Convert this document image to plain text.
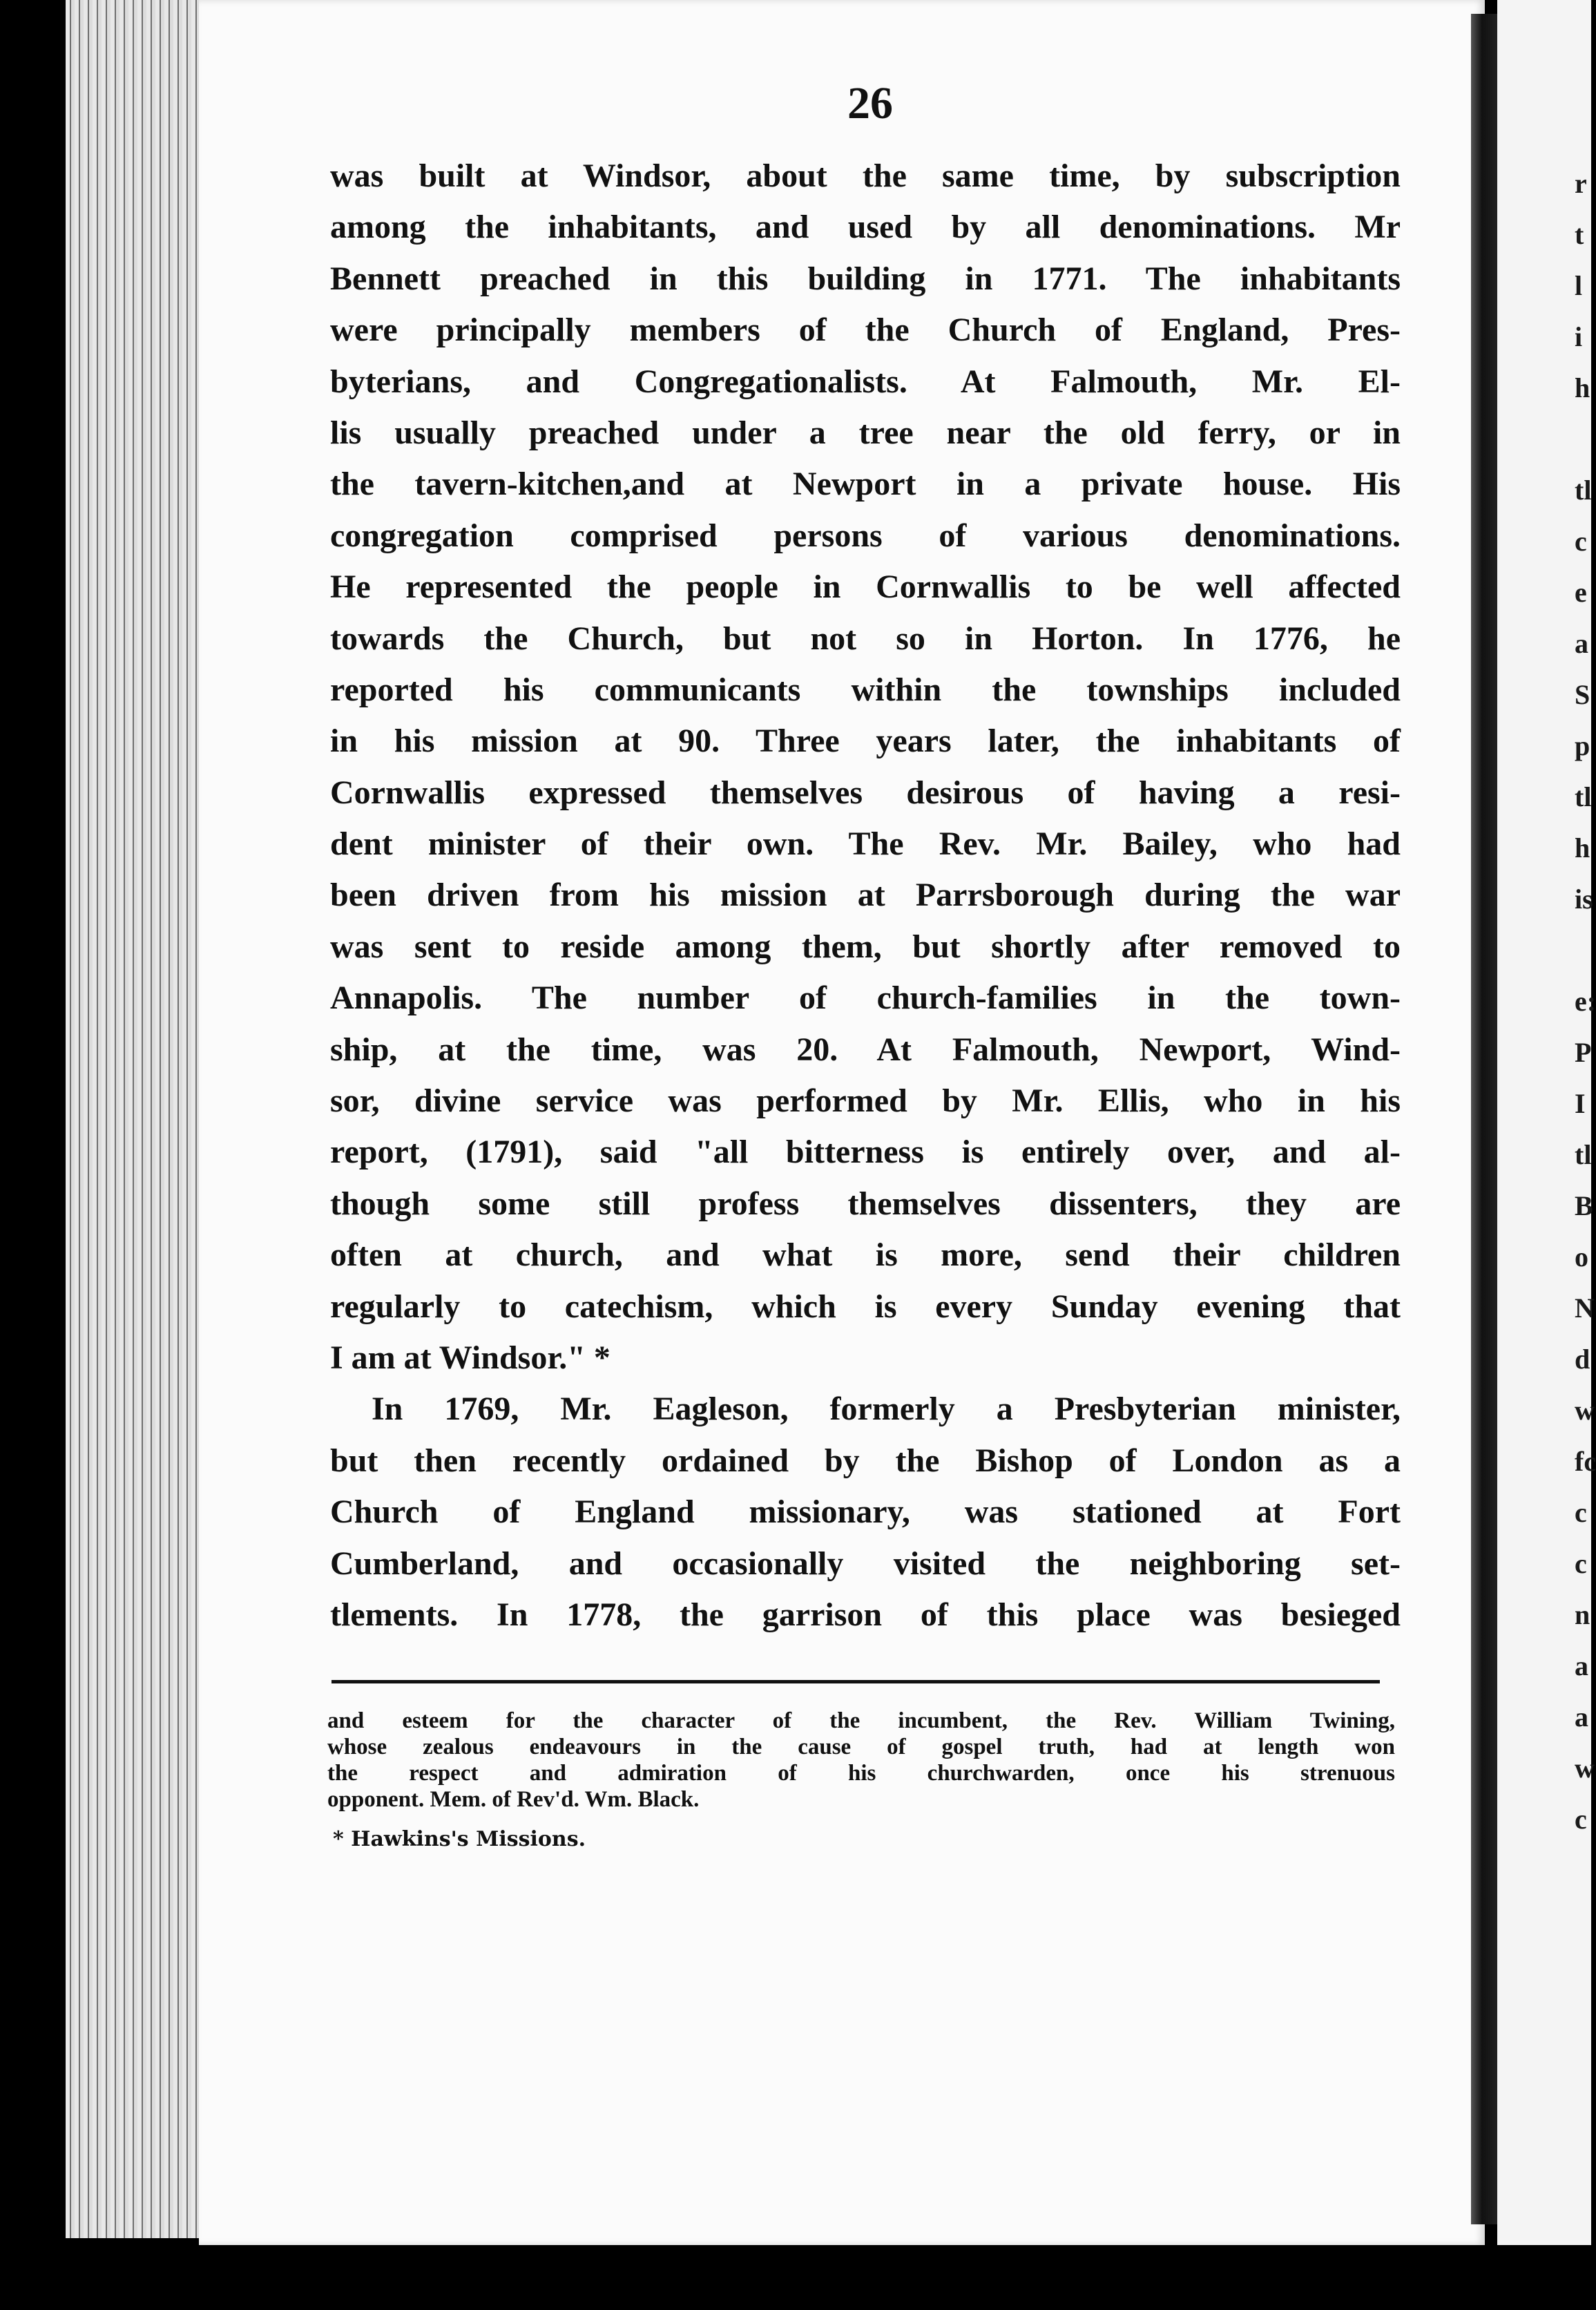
26
was built at Windsor, about the same time, by subscription
among the inhabitants, and used by all denominations. Mr
Bennett preached in this building in 1771. The inhabitants
were principally members of the Church of England, Pres-
byterians, and Congregationalists. At Falmouth, Mr. El-
lis usually preached under a tree near the old ferry, or in
the tavern-kitchen,and at Newport in a private house. His
congregation comprised persons of various denominations.
He represented the people in Cornwallis to be well affected
towards the Church, but not so in Horton. In 1776, he
reported his communicants within the townships included
in his mission at 90. Three years later, the inhabitants of
Cornwallis expressed themselves desirous of having a resi-
dent minister of their own. The Rev. Mr. Bailey, who had
been driven from his mission at Parrsborough during the war
was sent to reside among them, but shortly after removed to
Annapolis. The number of church-families in the town-
ship, at the time, was 20. At Falmouth, Newport, Wind-
sor, divine service was performed by Mr. Ellis, who in his
report, (1791), said "all bitterness is entirely over, and al-
though some still profess themselves dissenters, they are
often at church, and what is more, send their children
regularly to catechism, which is every Sunday evening that
I am at Windsor." *
In 1769, Mr. Eagleson, formerly a Presbyterian minister,
but then recently ordained by the Bishop of London as a
Church of England missionary, was stationed at Fort
Cumberland, and occasionally visited the neighboring set-
tlements. In 1778, the garrison of this place was besieged
and esteem for the character of the incumbent, the Rev. William Twining,
whose zealous endeavours in the cause of gospel truth, had at length won
the respect and admiration of his churchwarden, once his strenuous
opponent. Mem. of Rev'd. Wm. Black.
* Hawkins's Missions.
r
t
l
i
h
tl
c
e
a
S
p
tl
h
is
e:
P
I
tl
B
o
N
d
w
fc
c
c
n
a
a
w
c
